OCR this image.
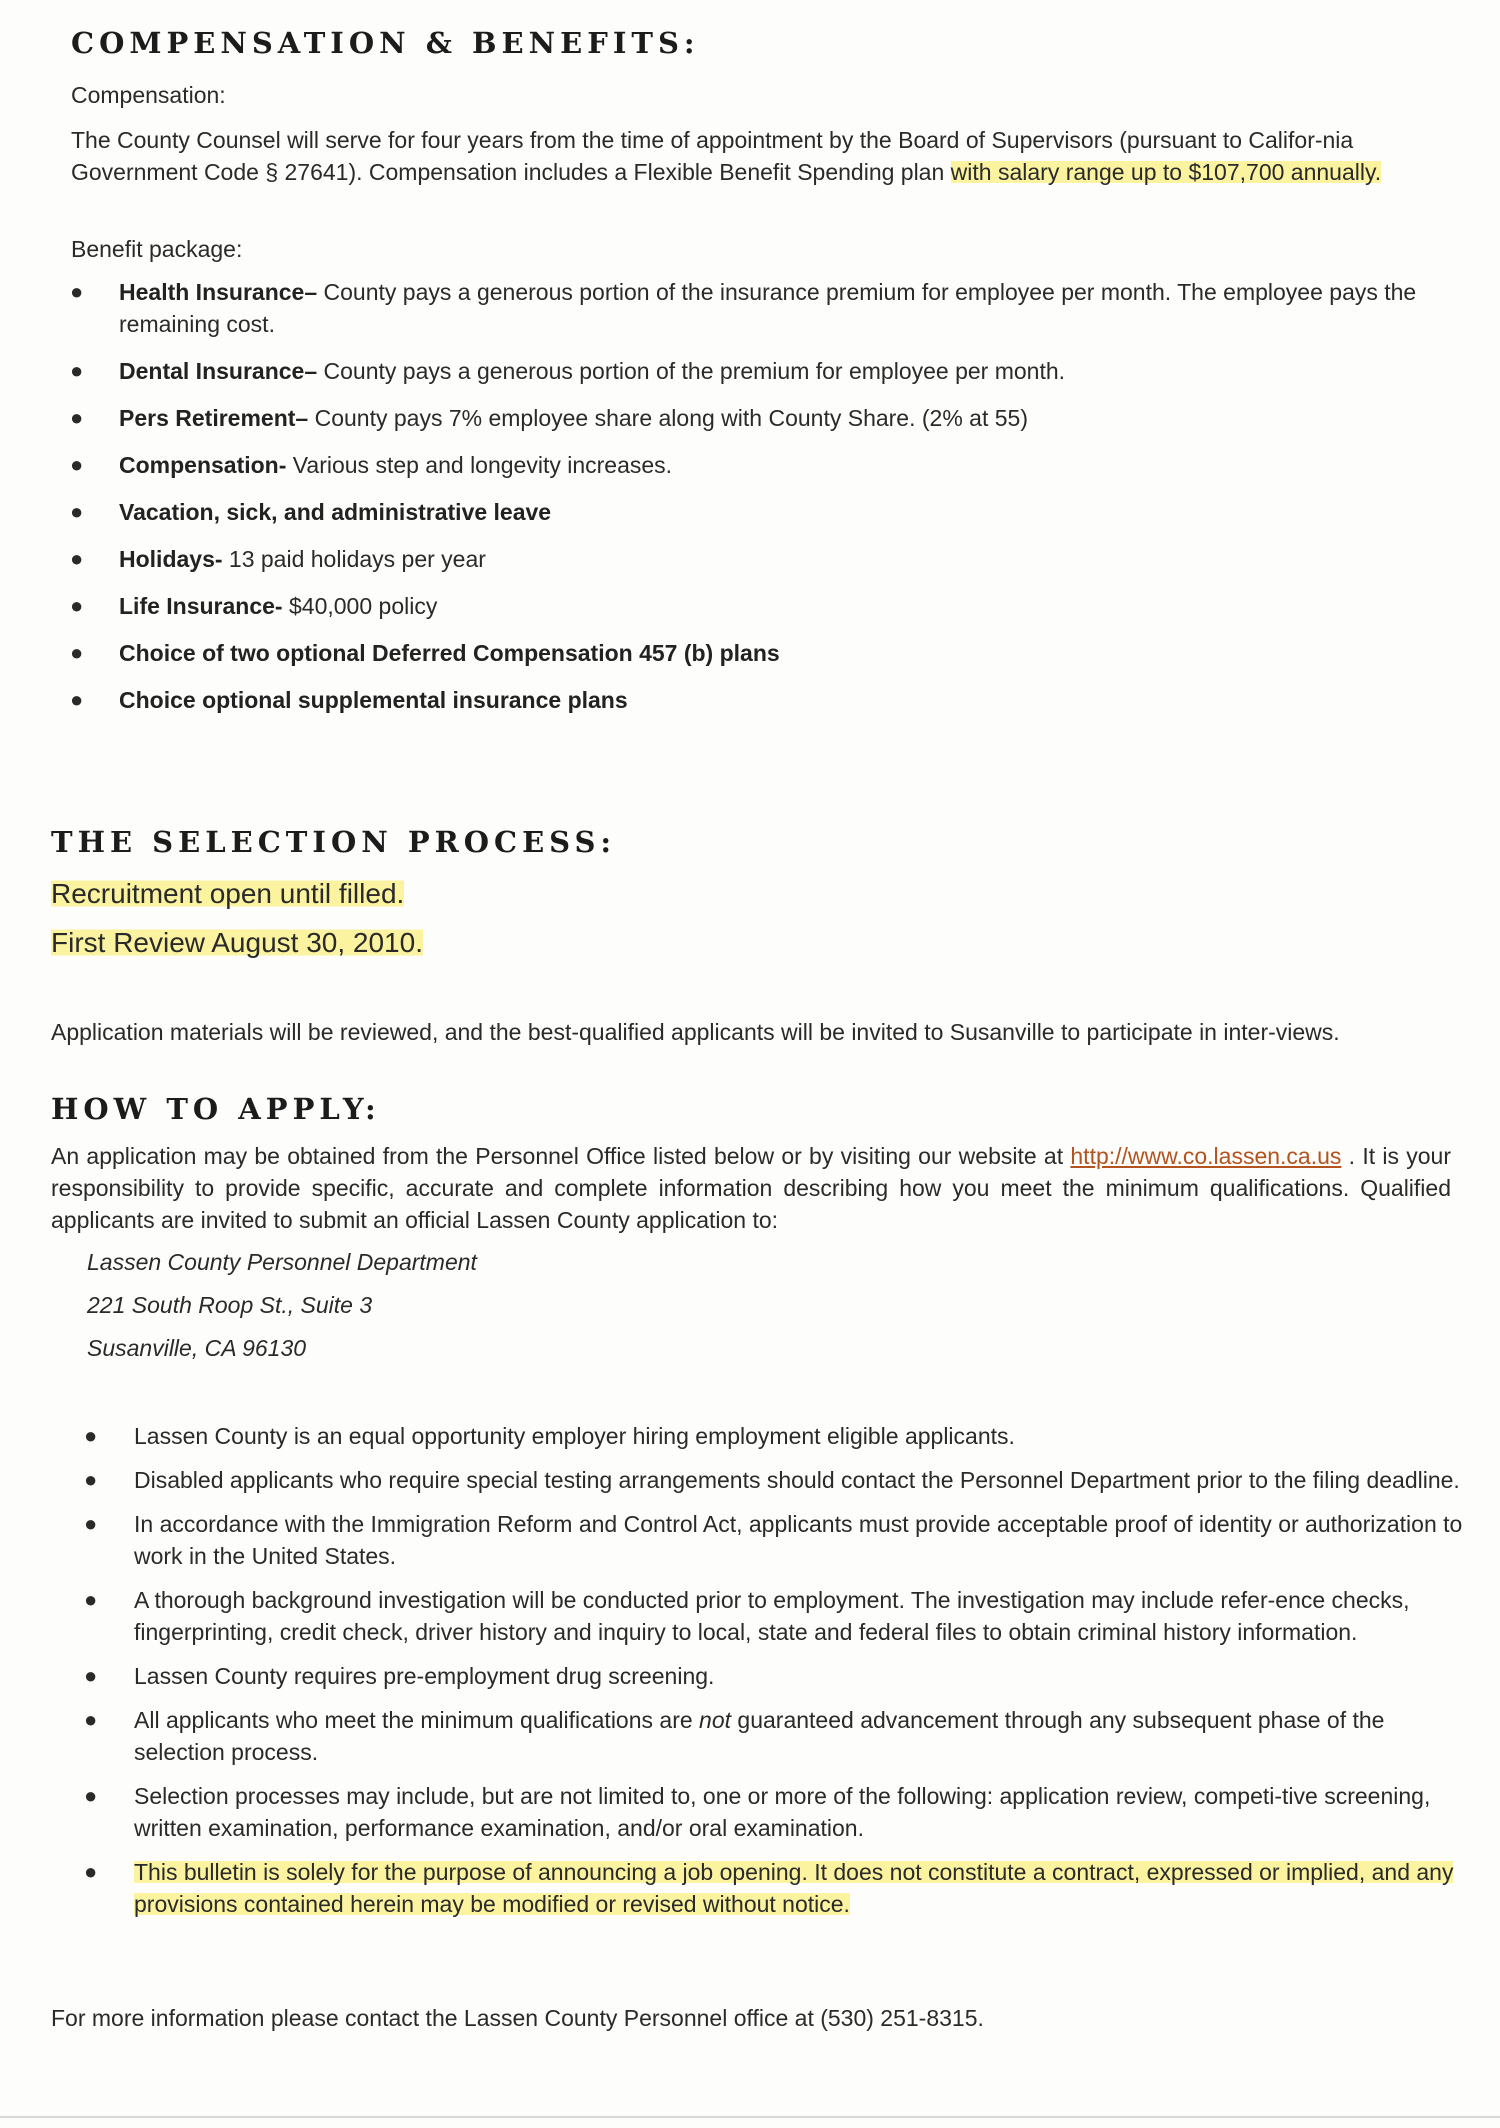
COMPENSATION & BENEFITS:
Compensation:
The County Counsel will serve for four years from the time of appointment by the Board of Supervisors (pursuant to Califor-nia Government Code § 27641). Compensation includes a Flexible Benefit Spending plan with salary range up to $107,700 annually.
Benefit package:
● Health Insurance– County pays a generous portion of the insurance premium for employee per month. The employee pays the remaining cost.
● Dental Insurance– County pays a generous portion of the premium for employee per month.
● Pers Retirement– County pays 7% employee share along with County Share. (2% at 55)
● Compensation- Various step and longevity increases.
● Vacation, sick, and administrative leave
● Holidays- 13 paid holidays per year
● Life Insurance- $40,000 policy
● Choice of two optional Deferred Compensation 457 (b) plans
● Choice optional supplemental insurance plans
THE SELECTION PROCESS:
Recruitment open until filled.
First Review August 30, 2010.
Application materials will be reviewed, and the best-qualified applicants will be invited to Susanville to participate in inter-views.
HOW TO APPLY:
An application may be obtained from the Personnel Office listed below or by visiting our website at http://www.co.lassen.ca.us . It is your responsibility to provide specific, accurate and complete information describing how you meet the minimum qualifications. Qualified applicants are invited to submit an official Lassen County application to:
Lassen County Personnel Department
221 South Roop St., Suite 3
Susanville, CA 96130
● Lassen County is an equal opportunity employer hiring employment eligible applicants.
● Disabled applicants who require special testing arrangements should contact the Personnel Department prior to the filing deadline.
● In accordance with the Immigration Reform and Control Act, applicants must provide acceptable proof of identity or authorization to work in the United States.
● A thorough background investigation will be conducted prior to employment. The investigation may include refer-ence checks, fingerprinting, credit check, driver history and inquiry to local, state and federal files to obtain criminal history information.
● Lassen County requires pre-employment drug screening.
● All applicants who meet the minimum qualifications are not guaranteed advancement through any subsequent phase of the selection process.
● Selection processes may include, but are not limited to, one or more of the following: application review, competi-tive screening, written examination, performance examination, and/or oral examination.
● This bulletin is solely for the purpose of announcing a job opening. It does not constitute a contract, expressed or implied, and any provisions contained herein may be modified or revised without notice.
For more information please contact the Lassen County Personnel office at (530) 251-8315.
